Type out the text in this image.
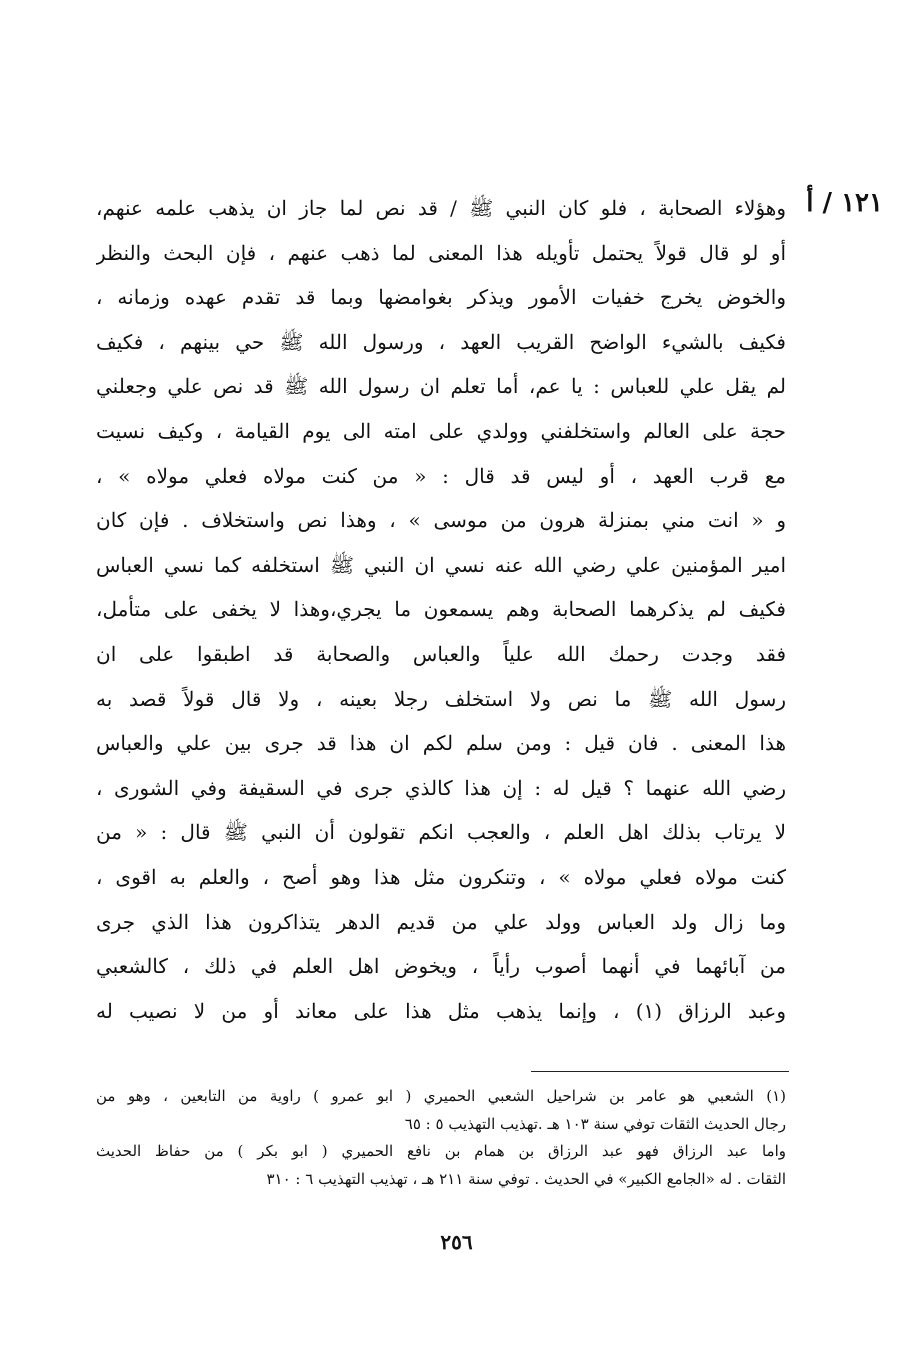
١٢١ / أ
وهؤلاء الصحابة ، فلو كان النبي ﷺ / قد نص لما جاز ان يذهب علمه عنهم،
أو لو قال قولاً يحتمل تأويله هذا المعنى لما ذهب عنهم ، فإن البحث والنظر
والخوض يخرج خفيات الأمور ويذكر بغوامضها وبما قد تقدم عهده وزمانه ،
فكيف بالشيء الواضح القريب العهد ، ورسول الله ﷺ حي بينهم ، فكيف
لم يقل علي للعباس : يا عم، أما تعلم ان رسول الله ﷺ قد نص علي وجعلني
حجة على العالم واستخلفني وولدي على امته الى يوم القيامة ، وكيف نسيت
مع قرب العهد ، أو ليس قد قال : « من كنت مولاه فعلي مولاه » ،
و « انت مني بمنزلة هرون من موسى » ، وهذا نص واستخلاف . فإن كان
امير المؤمنين علي رضي الله عنه نسي ان النبي ﷺ استخلفه كما نسي العباس
فكيف لم يذكرهما الصحابة وهم يسمعون ما يجري،وهذا لا يخفى على متأمل،
فقد وجدت رحمك الله علياً والعباس والصحابة قد اطبقوا على ان
رسول الله ﷺ ما نص ولا استخلف رجلا بعينه ، ولا قال قولاً قصد به
هذا المعنى . فان قيل : ومن سلم لكم ان هذا قد جرى بين علي والعباس
رضي الله عنهما ؟ قيل له : إن هذا كالذي جرى في السقيفة وفي الشورى ،
لا يرتاب بذلك اهل العلم ، والعجب انكم تقولون أن النبي ﷺ قال : « من
كنت مولاه فعلي مولاه » ، وتنكرون مثل هذا وهو أصح ، والعلم به اقوى ،
وما زال ولد العباس وولد علي من قديم الدهر يتذاكرون هذا الذي جرى
من آبائهما في أنهما أصوب رأياً ، ويخوض اهل العلم في ذلك ، كالشعبي
وعبد الرزاق (١) ، وإنما يذهب مثل هذا على معاند أو من لا نصيب له
(١) الشعبي هو عامر بن شراحيل الشعبي الحميري ( ابو عمرو ) راوية من التابعين ، وهو من
رجال الحديث الثقات توفي سنة ١٠٣ هـ .تهذيب التهذيب ٥ : ٦٥
واما عبد الرزاق فهو عبد الرزاق بن همام بن نافع الحميري ( ابو بكر ) من حفاظ الحديث
الثقات . له «الجامع الكبير» في الحديث . توفي سنة ٢١١ هـ ، تهذيب التهذيب ٦ : ٣١٠
٢٥٦
